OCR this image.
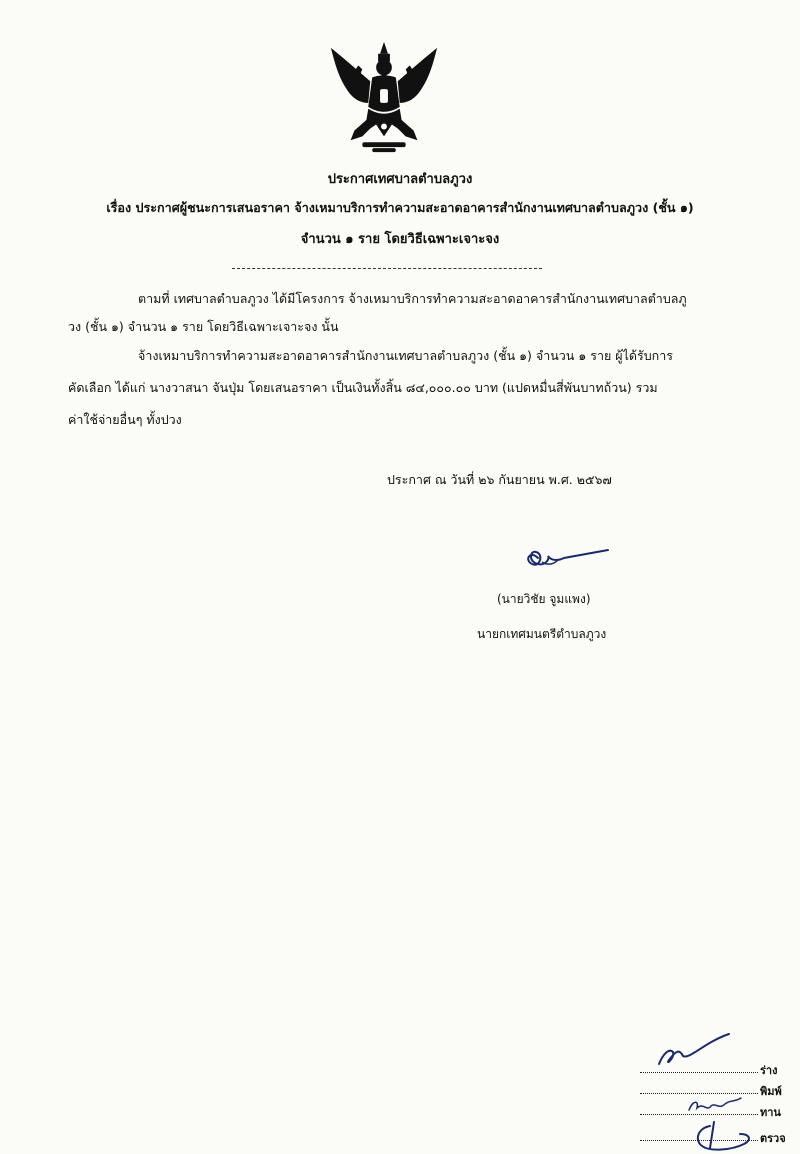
ประกาศเทศบาลตำบลภูวง
เรื่อง ประกาศผู้ชนะการเสนอราคา จ้างเหมาบริการทำความสะอาดอาคารสำนักงานเทศบาลตำบลภูวง (ชั้น ๑)
จำนวน ๑ ราย โดยวิธีเฉพาะเจาะจง

ตามที่ เทศบาลตำบลภูวง ได้มีโครงการ จ้างเหมาบริการทำความสะอาดอาคารสำนักงานเทศบาลตำบลภู
วง (ชั้น ๑) จำนวน ๑ ราย โดยวิธีเฉพาะเจาะจง นั้น

จ้างเหมาบริการทำความสะอาดอาคารสำนักงานเทศบาลตำบลภูวง (ชั้น ๑) จำนวน ๑ ราย ผู้ได้รับการ
คัดเลือก ได้แก่ นางวาสนา จันปุ่ม โดยเสนอราคา เป็นเงินทั้งสิ้น ๘๔,๐๐๐.๐๐ บาท (แปดหมื่นสี่พันบาทถ้วน) รวม
ค่าใช้จ่ายอื่นๆ ทั้งปวง

ประกาศ ณ วันที่ ๒๖ กันยายน พ.ศ. ๒๕๖๗
(นายวิชัย จูมแพง)
นายกเทศมนตรีตำบลภูวง
ร่าง
พิมพ์
ทาน
ตรวจ
